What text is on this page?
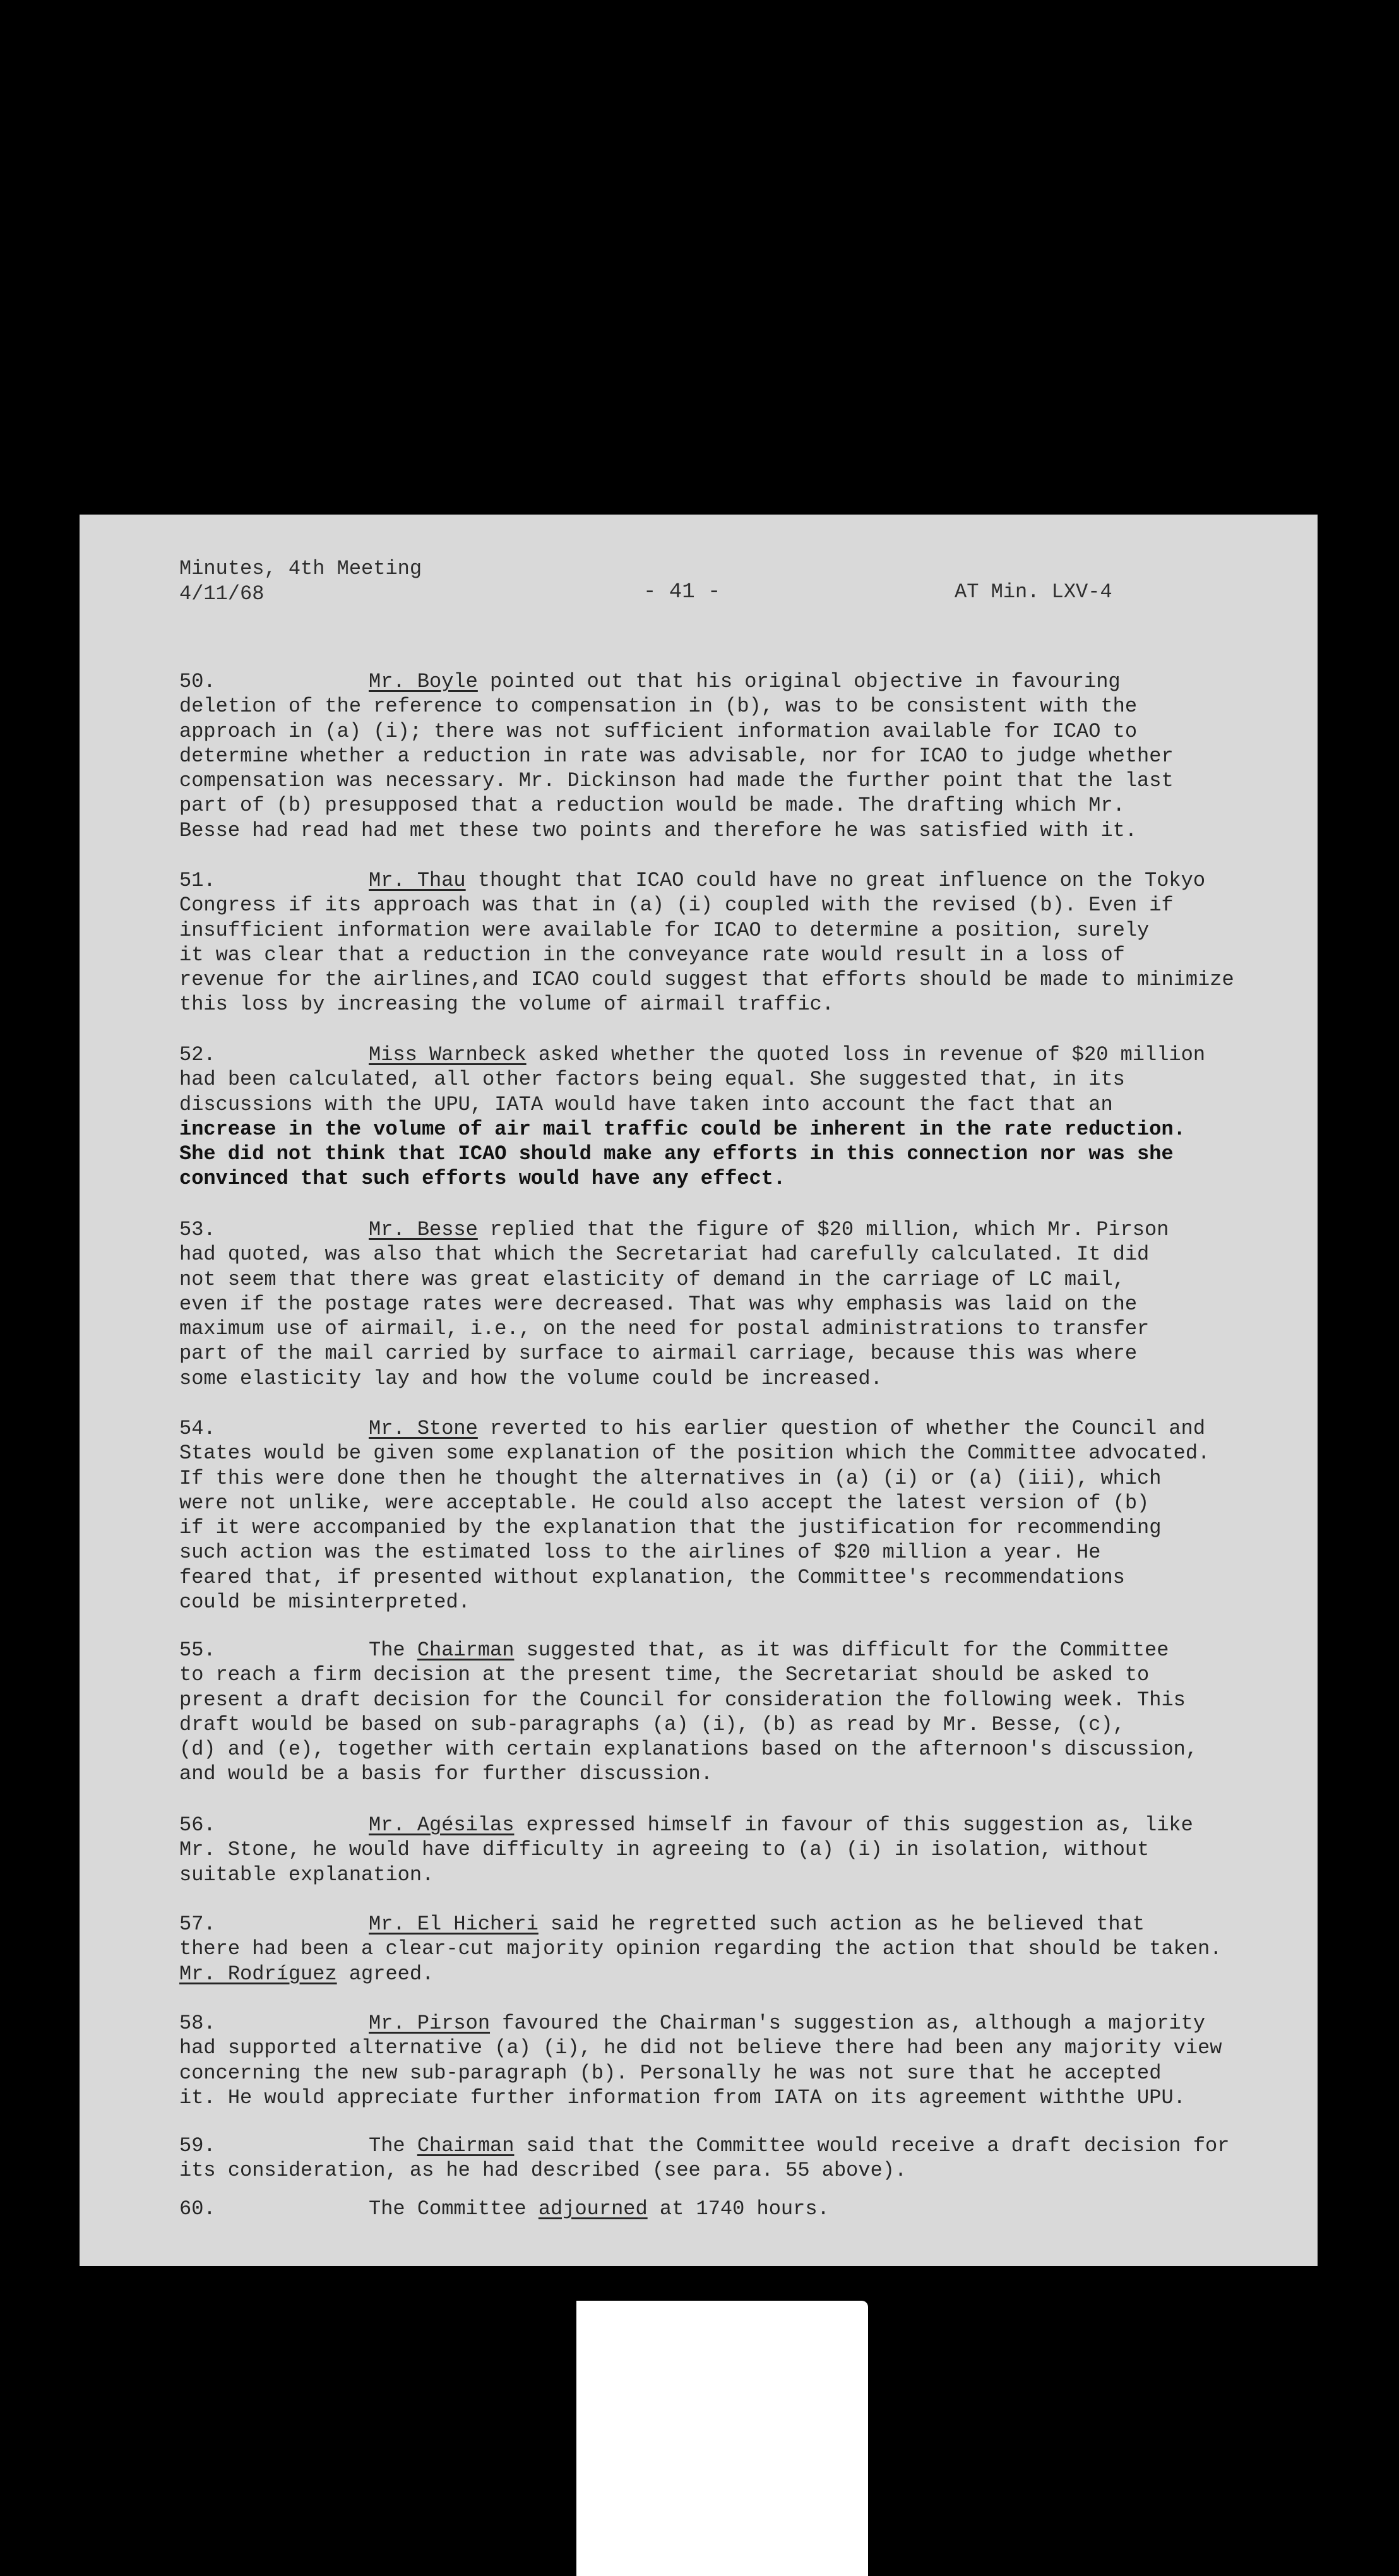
Minutes, 4th Meeting
4/11/68	- 41 -	AT Min. LXV-4
50.	Mr. Boyle pointed out that his original objective in favouring
deletion of the reference to compensation in (b), was to be consistent with the
approach in (a) (i); there was not sufficient information available for ICAO to
determine whether a reduction in rate was advisable, nor for ICAO to judge whether
compensation was necessary. Mr. Dickinson had made the further point that the last
part of (b) presupposed that a reduction would be made. The drafting which Mr.
Besse had read had met these two points and therefore he was satisfied with it.
51.	Mr. Thau thought that ICAO could have no great influence on the Tokyo
Congress if its approach was that in (a) (i) coupled with the revised (b). Even if
insufficient information were available for ICAO to determine a position, surely
it was clear that a reduction in the conveyance rate would result in a loss of
revenue for the airlines,and ICAO could suggest that efforts should be made to minimize
this loss by increasing the volume of airmail traffic.
52.	Miss Warnbeck asked whether the quoted loss in revenue of $20 million
had been calculated, all other factors being equal. She suggested that, in its
discussions with the UPU, IATA would have taken into account the fact that an
increase in the volume of air mail traffic could be inherent in the rate reduction.
She did not think that ICAO should make any efforts in this connection nor was she
convinced that such efforts would have any effect.
53.	Mr. Besse replied that the figure of $20 million, which Mr. Pirson
had quoted, was also that which the Secretariat had carefully calculated. It did
not seem that there was great elasticity of demand in the carriage of LC mail,
even if the postage rates were decreased. That was why emphasis was laid on the
maximum use of airmail, i.e., on the need for postal administrations to transfer
part of the mail carried by surface to airmail carriage, because this was where
some elasticity lay and how the volume could be increased.
54.	Mr. Stone reverted to his earlier question of whether the Council and
States would be given some explanation of the position which the Committee advocated.
If this were done then he thought the alternatives in (a) (i) or (a) (iii), which
were not unlike, were acceptable. He could also accept the latest version of (b)
if it were accompanied by the explanation that the justification for recommending
such action was the estimated loss to the airlines of $20 million a year. He
feared that, if presented without explanation, the Committee's recommendations
could be misinterpreted.
55.	The Chairman suggested that, as it was difficult for the Committee
to reach a firm decision at the present time, the Secretariat should be asked to
present a draft decision for the Council for consideration the following week. This
draft would be based on sub-paragraphs (a) (i), (b) as read by Mr. Besse, (c),
(d) and (e), together with certain explanations based on the afternoon's discussion,
and would be a basis for further discussion.
56.	Mr. Agésilas expressed himself in favour of this suggestion as, like
Mr. Stone, he would have difficulty in agreeing to (a) (i) in isolation, without
suitable explanation.
57.	Mr. El Hicheri said he regretted such action as he believed that
there had been a clear-cut majority opinion regarding the action that should be taken.
Mr. Rodríguez agreed.
58.	Mr. Pirson favoured the Chairman's suggestion as, although a majority
had supported alternative (a) (i), he did not believe there had been any majority view
concerning the new sub-paragraph (b). Personally he was not sure that he accepted
it. He would appreciate further information from IATA on its agreement withthe UPU.
59.	The Chairman said that the Committee would receive a draft decision for
its consideration, as he had described (see para. 55 above).
60.	The Committee adjourned at 1740 hours.
